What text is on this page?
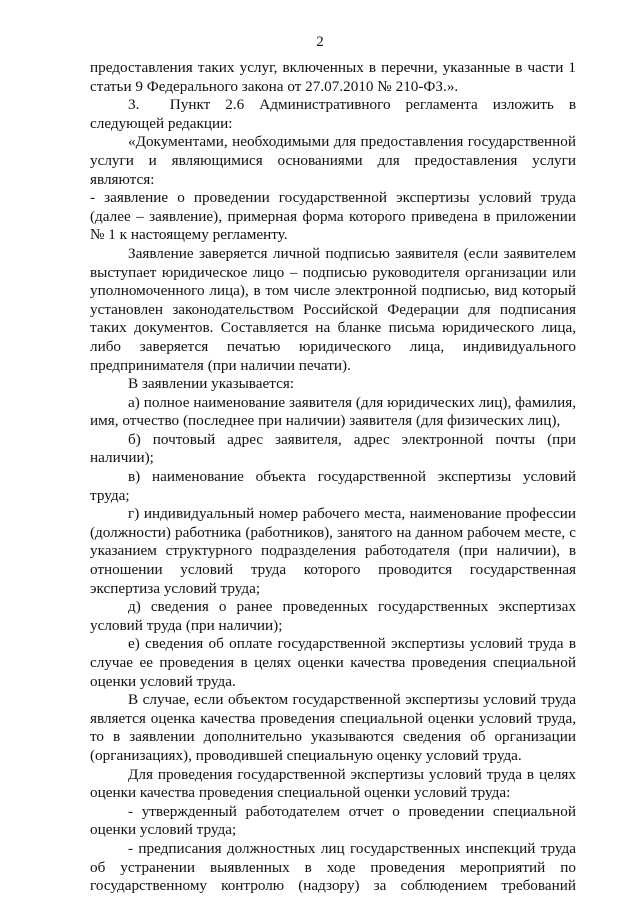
2

предоставления таких услуг, включенных в перечни, указанные в части 1 статьи 9 Федерального закона от 27.07.2010 № 210-ФЗ.».

3.  Пункт 2.6 Административного регламента изложить в следующей редакции:

«Документами, необходимыми для предоставления государственной услуги и являющимися основаниями для предоставления услуги являются:

- заявление о проведении государственной экспертизы условий труда (далее – заявление), примерная форма которого приведена в приложении № 1 к настоящему регламенту.

Заявление заверяется личной подписью заявителя (если заявителем выступает юридическое лицо – подписью руководителя организации или уполномоченного лица), в том числе электронной подписью, вид который установлен законодательством Российской Федерации для подписания таких документов. Составляется на бланке письма юридического лица, либо заверяется печатью юридического лица, индивидуального предпринимателя (при наличии печати).

В заявлении указывается:

а) полное наименование заявителя (для юридических лиц), фамилия, имя, отчество (последнее при наличии) заявителя (для физических лиц),

б) почтовый адрес заявителя, адрес электронной почты (при наличии);

в) наименование объекта государственной экспертизы условий труда;

г) индивидуальный номер рабочего места, наименование профессии (должности) работника (работников), занятого на данном рабочем месте, с указанием структурного подразделения работодателя (при наличии), в отношении условий труда которого проводится государственная экспертиза условий труда;

д) сведения о ранее проведенных государственных экспертизах условий труда (при наличии);

е) сведения об оплате государственной экспертизы условий труда в случае ее проведения в целях оценки качества проведения специальной оценки условий труда.

В случае, если объектом государственной экспертизы условий труда является оценка качества проведения специальной оценки условий труда, то в заявлении дополнительно указываются сведения об организации (организациях), проводившей специальную оценку условий труда.

Для проведения государственной экспертизы условий труда в целях оценки качества проведения специальной оценки условий труда:

- утвержденный работодателем отчет о проведении специальной оценки условий труда;

- предписания должностных лиц государственных инспекций труда об устранении выявленных в ходе проведения мероприятий по государственному контролю (надзору) за соблюдением требований
